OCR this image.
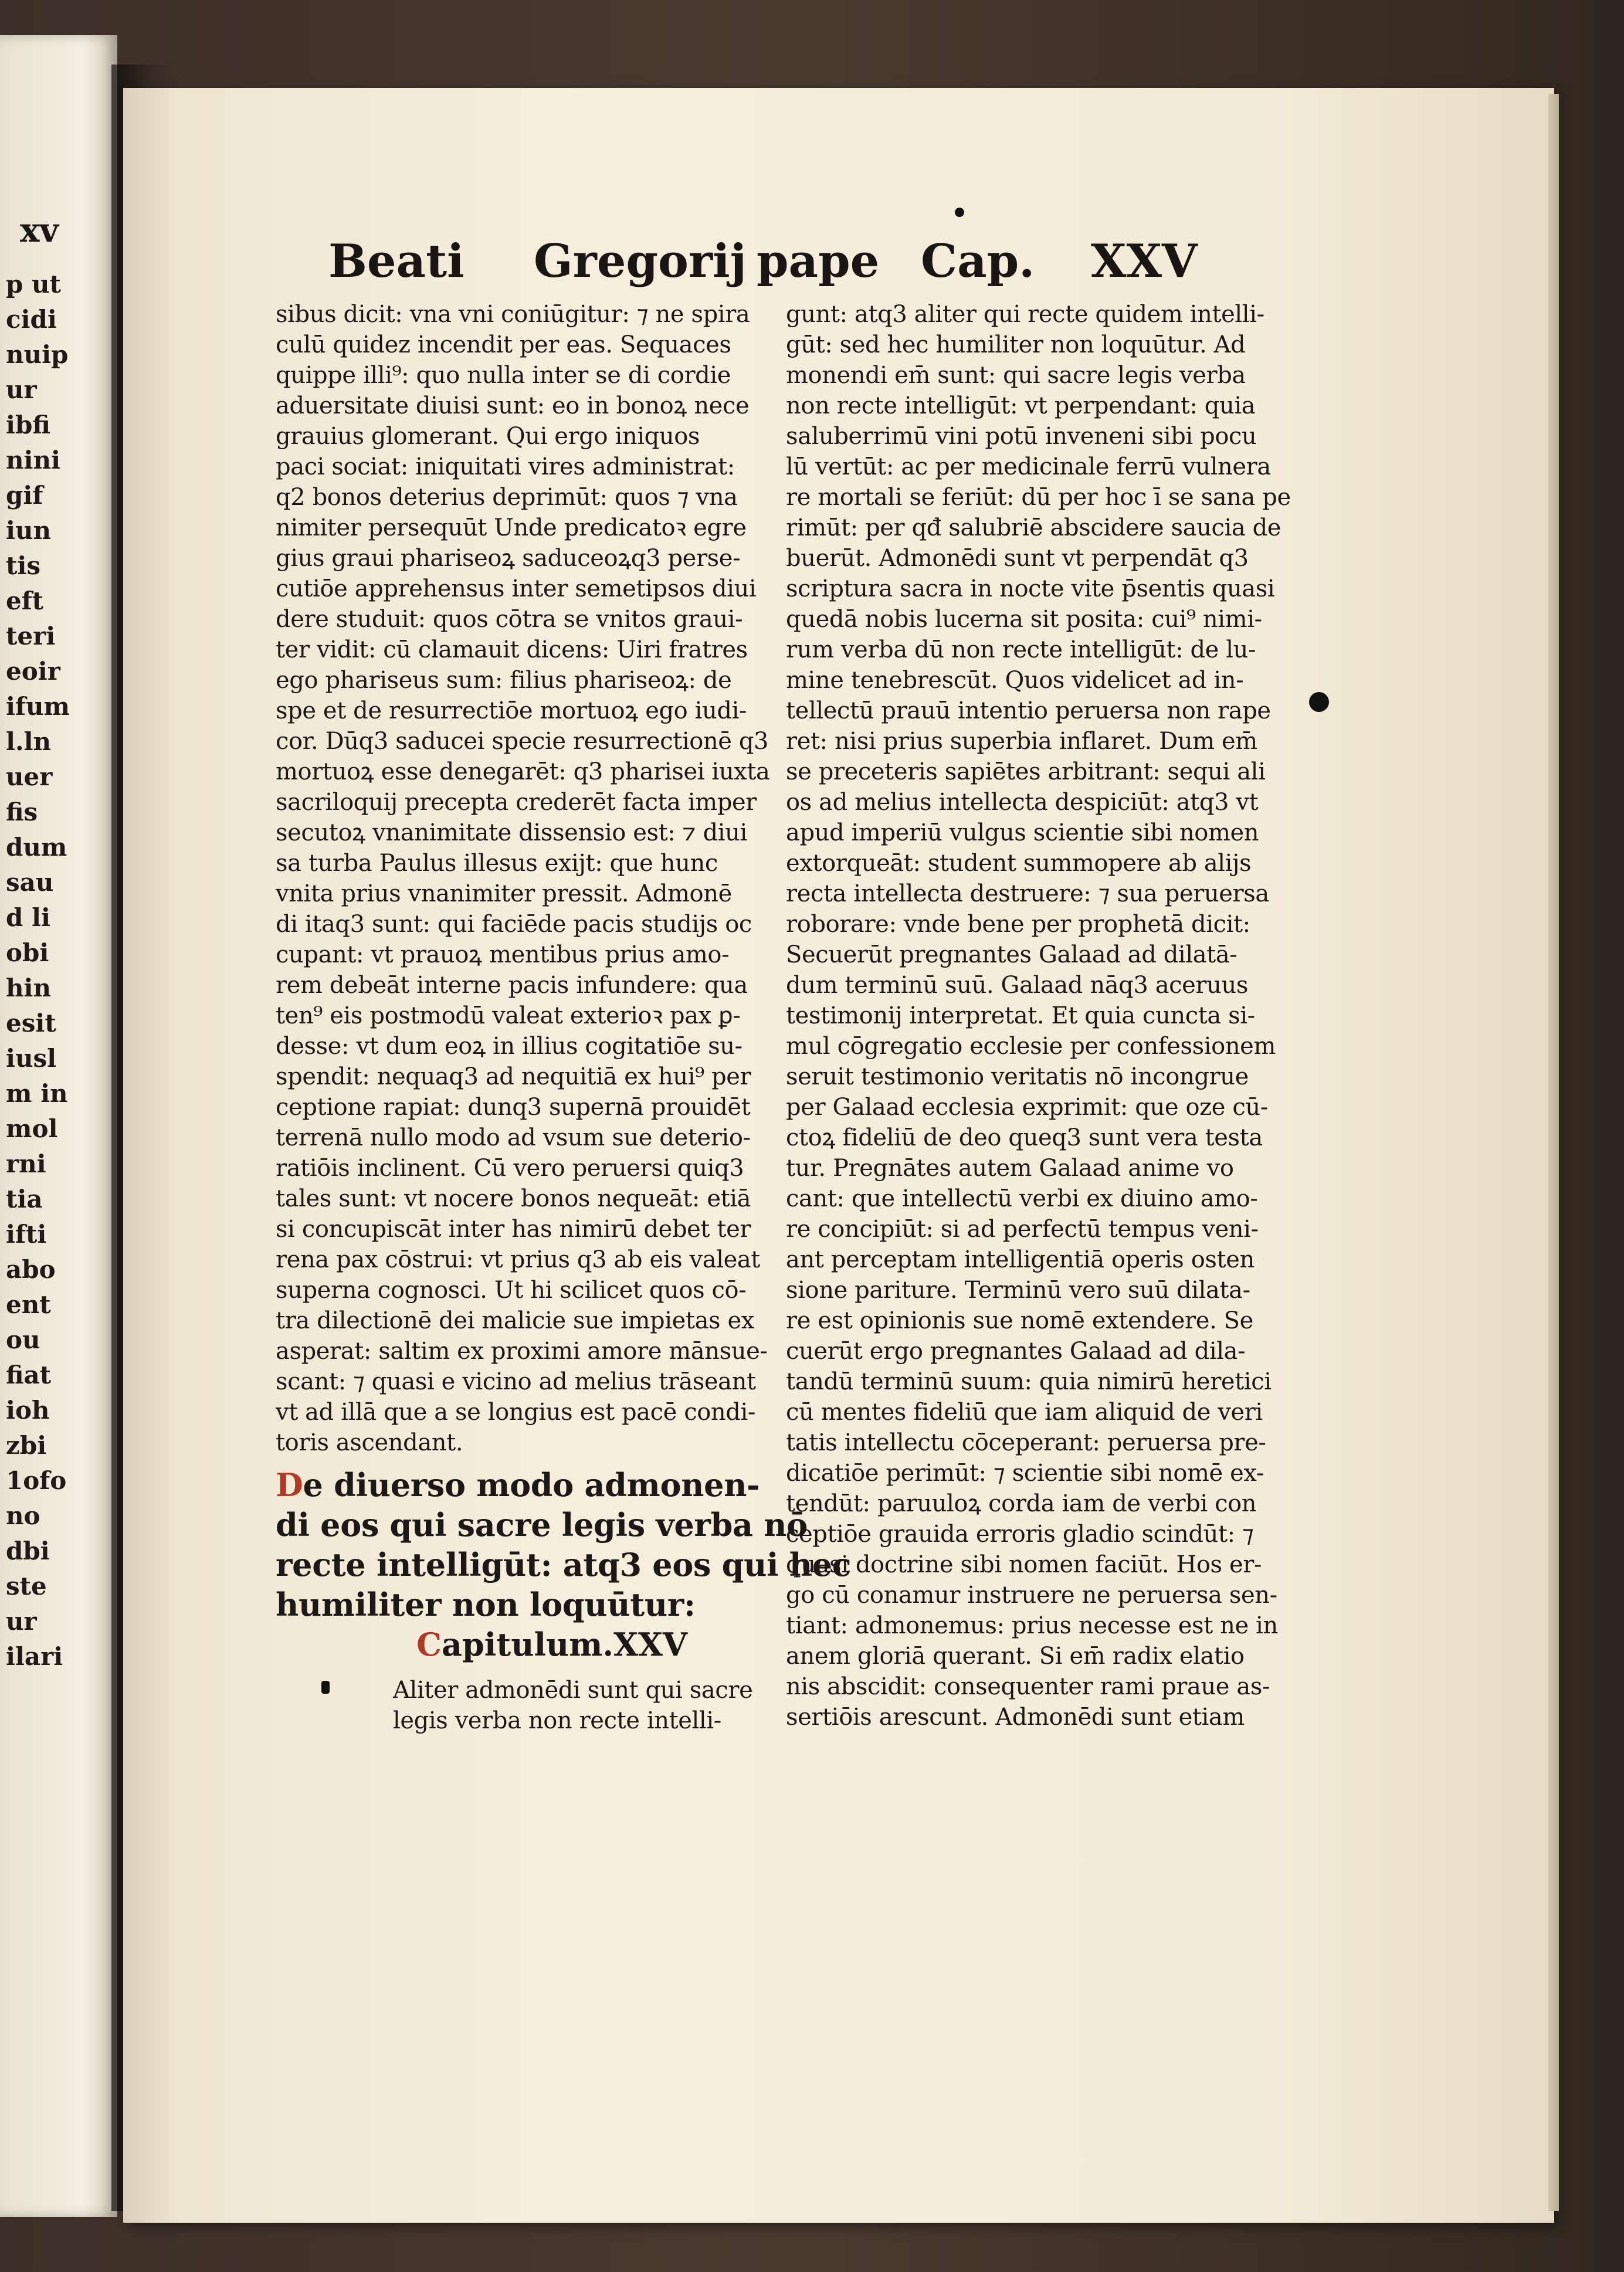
xv
p ut
cidi
nuip
ur
ibfi
nini
gif
iun
tis
eft
teri
eoir
ifum
l.ln
uer
fis
dum
sau
d li
obi
hin
esit
iusl
m in
mol
rni
tia
ifti
abo
ent
ou
fiat
ioh
zbi
1ofo
no
dbi
ste
ur
ilari
Beati Gregorij pape Cap. XXV
sibus dicit: vna vni coniūgitur: ⁊ ne spira
culū quidez incendit per eas. Sequaces
quippe illi⁹: quo nulla inter se di cordie
aduersitate diuisi sunt: eo in bonoꝝ nece
grauius glomerant. Qui ergo iniquos
paci sociat: iniquitati vires administrat:
q2 bonos deterius deprimūt: quos ⁊ vna
nimiter persequūt Unde predicatoꝛ egre
gius graui phariseoꝝ saduceoꝝq3 perse-
cutiōe apprehensus inter semetipsos diui
dere studuit: quos cōtra se vnitos graui-
ter vidit: cū clamauit dicens: Uiri fratres
ego phariseus sum: filius phariseoꝝ: de
spe et de resurrectiōe mortuoꝝ ego iudi-
cor. Dūq3 saducei specie resurrectionē q3
mortuoꝝ esse denegarēt: q3 pharisei iuxta
sacriloquij precepta crederēt facta imper
secutoꝝ vnanimitate dissensio est: ⁊ diui
sa turba Paulus illesus exijt: que hunc
vnita prius vnanimiter pressit. Admonē
di itaq3 sunt: qui faciēde pacis studijs oc
cupant: vt prauoꝝ mentibus prius amo-
rem debeāt interne pacis infundere: qua
ten⁹ eis postmodū valeat exterioꝛ pax ꝑ-
desse: vt dum eoꝝ in illius cogitatiōe su-
spendit: nequaq3 ad nequitiā ex hui⁹ per
ceptione rapiat: dunq3 supernā prouidēt
terrenā nullo modo ad vsum sue deterio-
ratiōis inclinent. Cū vero peruersi quiq3
tales sunt: vt nocere bonos nequeāt: etiā
si concupiscāt inter has nimirū debet ter
rena pax cōstrui: vt prius q3 ab eis valeat
superna cognosci. Ut hi scilicet quos cō-
tra dilectionē dei malicie sue impietas ex
asperat: saltim ex proximi amore mānsue-
scant: ⁊ quasi e vicino ad melius trāseant
vt ad illā que a se longius est pacē condi-
toris ascendant.
De diuerso modo admonen-
di eos qui sacre legis verba nō
recte intelligūt: atq3 eos qui hec
humiliter non loquūtur:
Capitulum.XXV
Aliter admonēdi sunt qui sacre
legis verba non recte intelli-
gunt: atq3 aliter qui recte quidem intelli-
gūt: sed hec humiliter non loquūtur. Ad
monendi em̄ sunt: qui sacre legis verba
non recte intelligūt: vt perpendant: quia
saluberrimū vini potū inveneni sibi pocu
lū vertūt: ac per medicinale ferrū vulnera
re mortali se feriūt: dū per hoc ī se sana pe
rimūt: per qđ salubriē abscidere saucia de
buerūt. Admonēdi sunt vt perpendāt q3
scriptura sacra in nocte vite p̄sentis quasi
quedā nobis lucerna sit posita: cui⁹ nimi-
rum verba dū non recte intelligūt: de lu-
mine tenebrescūt. Quos videlicet ad in-
tellectū prauū intentio peruersa non rape
ret: nisi prius superbia inflaret. Dum em̄
se preceteris sapiētes arbitrant: sequi ali
os ad melius intellecta despiciūt: atq3 vt
apud imperiū vulgus scientie sibi nomen
extorqueāt: student summopere ab alijs
recta intellecta destruere: ⁊ sua peruersa
roborare: vnde bene per prophetā dicit:
Secuerūt pregnantes Galaad ad dilatā-
dum terminū suū. Galaad nāq3 aceruus
testimonij interpretat. Et quia cuncta si-
mul cōgregatio ecclesie per confessionem
seruit testimonio veritatis nō incongrue
per Galaad ecclesia exprimit: que oze cū-
ctoꝝ fideliū de deo queq3 sunt vera testa
tur. Pregnātes autem Galaad anime vo
cant: que intellectū verbi ex diuino amo-
re concipiūt: si ad perfectū tempus veni-
ant perceptam intelligentiā operis osten
sione pariture. Terminū vero suū dilata-
re est opinionis sue nomē extendere. Se
cuerūt ergo pregnantes Galaad ad dila-
tandū terminū suum: quia nimirū heretici
cū mentes fideliū que iam aliquid de veri
tatis intellectu cōceperant: peruersa pre-
dicatiōe perimūt: ⁊ scientie sibi nomē ex-
tendūt: paruuloꝝ corda iam de verbi con
ceptiōe grauida erroris gladio scindūt: ⁊
quasi doctrine sibi nomen faciūt. Hos er-
go cū conamur instruere ne peruersa sen-
tiant: admonemus: prius necesse est ne in
anem gloriā querant. Si em̄ radix elatio
nis abscidit: consequenter rami praue as-
sertiōis arescunt. Admonēdi sunt etiam
